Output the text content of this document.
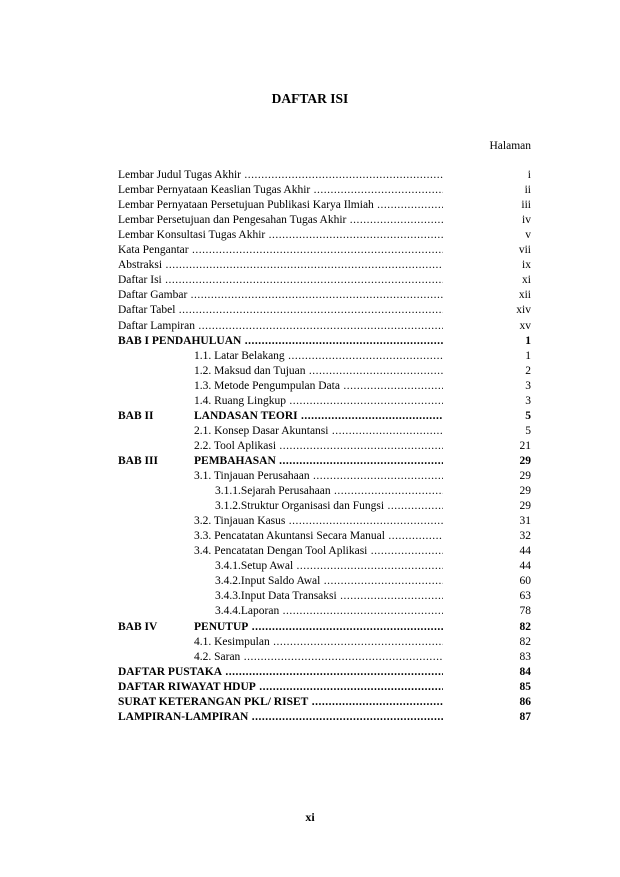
DAFTAR ISI
Halaman
Lembar Judul Tugas Akhir .....	i
Lembar Pernyataan Keaslian Tugas Akhir .....	ii
Lembar Pernyataan Persetujuan Publikasi Karya Ilmiah .....	iii
Lembar Persetujuan dan Pengesahan Tugas Akhir .....	iv
Lembar Konsultasi Tugas Akhir .....	v
Kata Pengantar .....	vii
Abstraksi .....	ix
Daftar Isi .....	xi
Daftar Gambar .....	xii
Daftar Tabel .....	xiv
Daftar Lampiran .....	xv
BAB I PENDAHULUAN .....	1
1.1. Latar Belakang .....	1
1.2. Maksud dan Tujuan .....	2
1.3. Metode Pengumpulan Data .....	3
1.4. Ruang Lingkup .....	3
BAB II	LANDASAN TEORI .....	5
2.1. Konsep Dasar Akuntansi .....	5
2.2. Tool Aplikasi .....	21
BAB III	PEMBAHASAN .....	29
3.1. Tinjauan Perusahaan .....	29
3.1.1.Sejarah Perusahaan .....	29
3.1.2.Struktur Organisasi dan Fungsi .....	29
3.2. Tinjauan Kasus .....	31
3.3. Pencatatan Akuntansi Secara Manual .....	32
3.4. Pencatatan Dengan Tool Aplikasi .....	44
3.4.1.Setup Awal .....	44
3.4.2.Input Saldo Awal .....	60
3.4.3.Input Data Transaksi .....	63
3.4.4.Laporan .....	78
BAB IV	PENUTUP .....	82
4.1. Kesimpulan .....	82
4.2. Saran .....	83
DAFTAR PUSTAKA .....	84
DAFTAR RIWAYAT HDUP .....	85
SURAT KETERANGAN PKL/ RISET .....	86
LAMPIRAN-LAMPIRAN .....	87
xi
